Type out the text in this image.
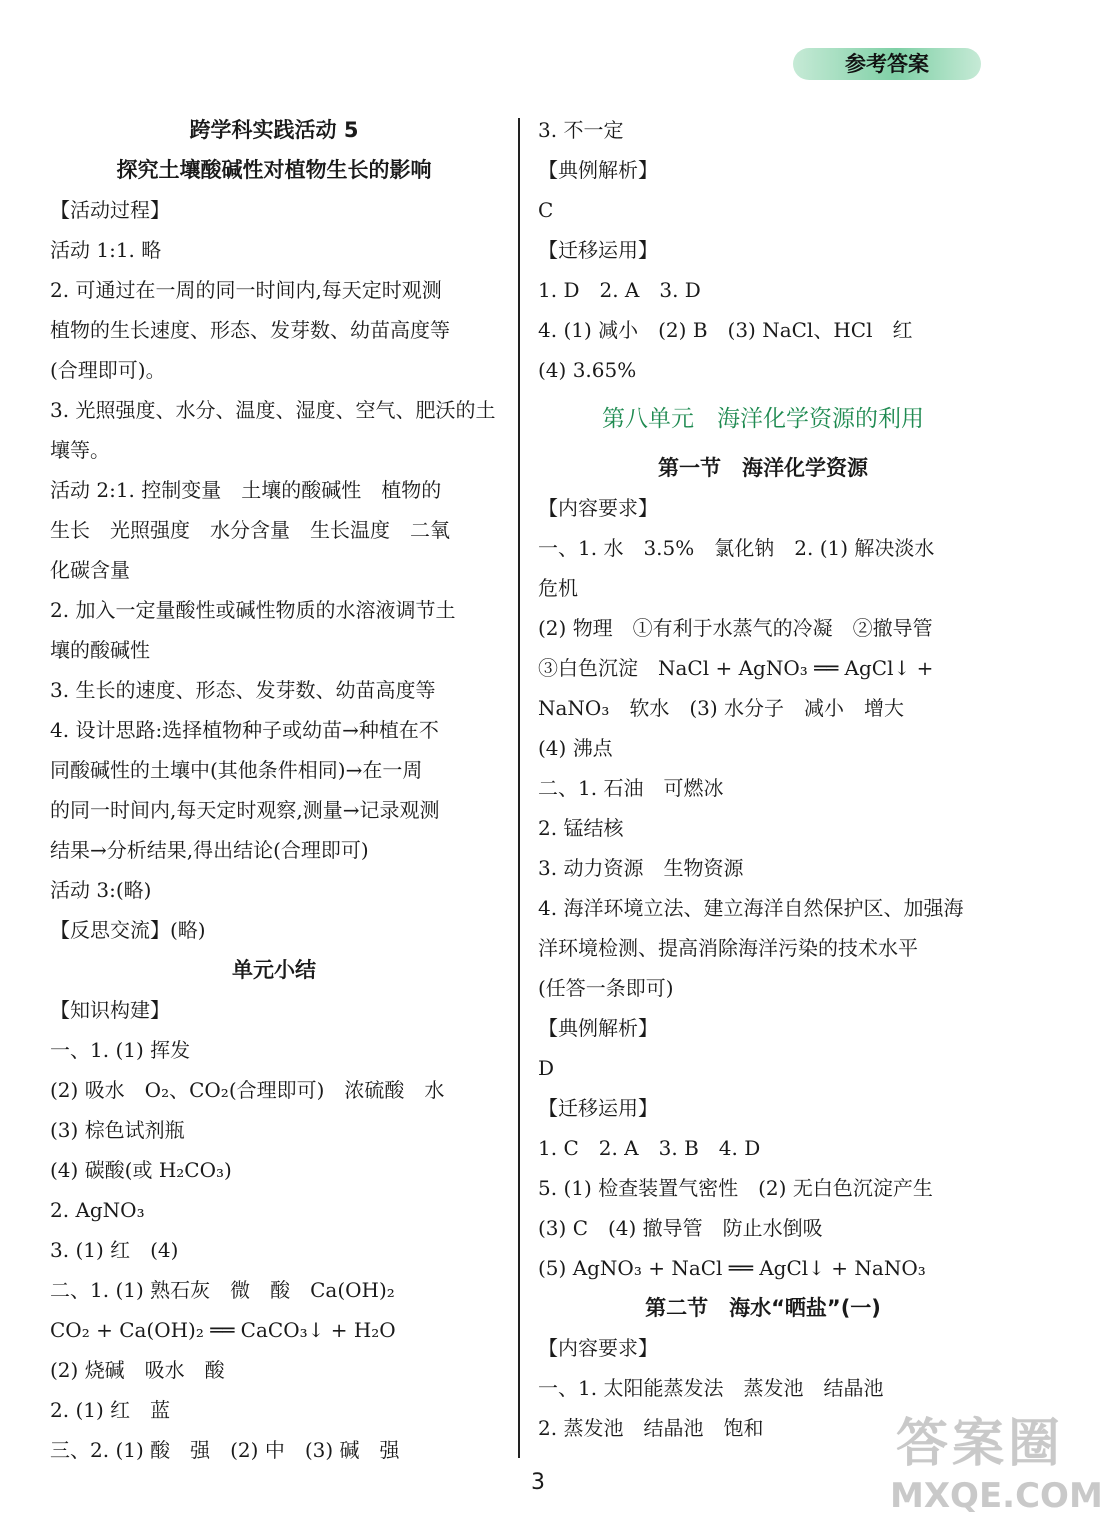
参考答案
跨学科实践活动 5
探究土壤酸碱性对植物生长的影响
【活动过程】
活动 1:1. 略
2. 可通过在一周的同一时间内,每天定时观测
植物的生长速度、形态、发芽数、幼苗高度等
(合理即可)。
3. 光照强度、水分、温度、湿度、空气、肥沃的土
壤等。
活动 2:1. 控制变量　土壤的酸碱性　植物的
生长　光照强度　水分含量　生长温度　二氧
化碳含量
2. 加入一定量酸性或碱性物质的水溶液调节土
壤的酸碱性
3. 生长的速度、形态、发芽数、幼苗高度等
4. 设计思路:选择植物种子或幼苗→种植在不
同酸碱性的土壤中(其他条件相同)→在一周
的同一时间内,每天定时观察,测量→记录观测
结果→分析结果,得出结论(合理即可)
活动 3:(略)
【反思交流】(略)
单元小结
【知识构建】
一、1. (1) 挥发
(2) 吸水　O₂、CO₂(合理即可)　浓硫酸　水
(3) 棕色试剂瓶
(4) 碳酸(或 H₂CO₃)
2. AgNO₃
3. (1) 红　(4)
二、1. (1) 熟石灰　微　酸　Ca(OH)₂
CO₂ + Ca(OH)₂ ══ CaCO₃↓ + H₂O
(2) 烧碱　吸水　酸
2. (1) 红　蓝
三、2. (1) 酸　强　(2) 中　(3) 碱　强
3. 不一定
【典例解析】
C
【迁移运用】
1. D　2. A　3. D
4. (1) 减小　(2) B　(3) NaCl、HCl　红
(4) 3.65%
第八单元　海洋化学资源的利用
第一节　海洋化学资源
【内容要求】
一、1. 水　3.5%　氯化钠　2. (1) 解决淡水
危机
(2) 物理　①有利于水蒸气的冷凝　②撤导管
③白色沉淀　NaCl + AgNO₃ ══ AgCl↓ +
NaNO₃　软水　(3) 水分子　减小　增大
(4) 沸点
二、1. 石油　可燃冰
2. 锰结核
3. 动力资源　生物资源
4. 海洋环境立法、建立海洋自然保护区、加强海
洋环境检测、提高消除海洋污染的技术水平
(任答一条即可)
【典例解析】
D
【迁移运用】
1. C　2. A　3. B　4. D
5. (1) 检查装置气密性　(2) 无白色沉淀产生
(3) C　(4) 撤导管　防止水倒吸
(5) AgNO₃ + NaCl ══ AgCl↓ + NaNO₃
第二节　海水“晒盐”(一)
【内容要求】
一、1. 太阳能蒸发法　蒸发池　结晶池
2. 蒸发池　结晶池　饱和
3
答案圈
MXQE.COM
